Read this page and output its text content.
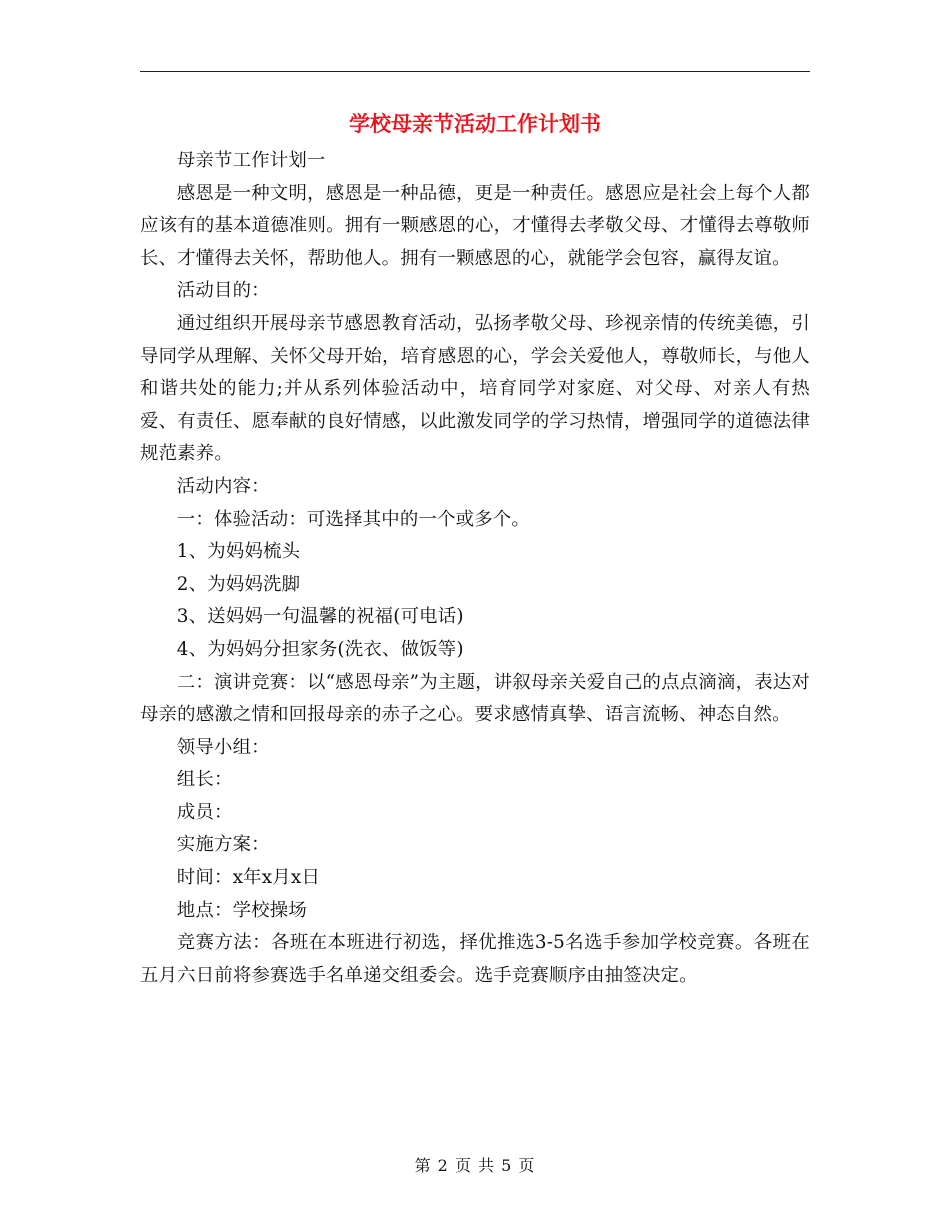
学校母亲节活动工作计划书

母亲节工作计划一

感恩是一种文明，感恩是一种品德，更是一种责任。感恩应是社会上每个人都应该有的基本道德准则。拥有一颗感恩的心，才懂得去孝敬父母、才懂得去尊敬师长、才懂得去关怀，帮助他人。拥有一颗感恩的心，就能学会包容，赢得友谊。

活动目的：

通过组织开展母亲节感恩教育活动，弘扬孝敬父母、珍视亲情的传统美德，引导同学从理解、关怀父母开始，培育感恩的心，学会关爱他人，尊敬师长，与他人和谐共处的能力;并从系列体验活动中，培育同学对家庭、对父母、对亲人有热爱、有责任、愿奉献的良好情感，以此激发同学的学习热情，增强同学的道德法律规范素养。

活动内容：

一：体验活动：可选择其中的一个或多个。

1、为妈妈梳头

2、为妈妈洗脚

3、送妈妈一句温馨的祝福(可电话)

4、为妈妈分担家务(洗衣、做饭等)

二：演讲竞赛：以“感恩母亲”为主题，讲叙母亲关爱自己的点点滴滴，表达对母亲的感激之情和回报母亲的赤子之心。要求感情真挚、语言流畅、神态自然。

领导小组：

组长：

成员：

实施方案：

时间：x年x月x日

地点：学校操场

竞赛方法：各班在本班进行初选，择优推选3-5名选手参加学校竞赛。各班在五月六日前将参赛选手名单递交组委会。选手竞赛顺序由抽签决定。

第 2 页 共 5 页
